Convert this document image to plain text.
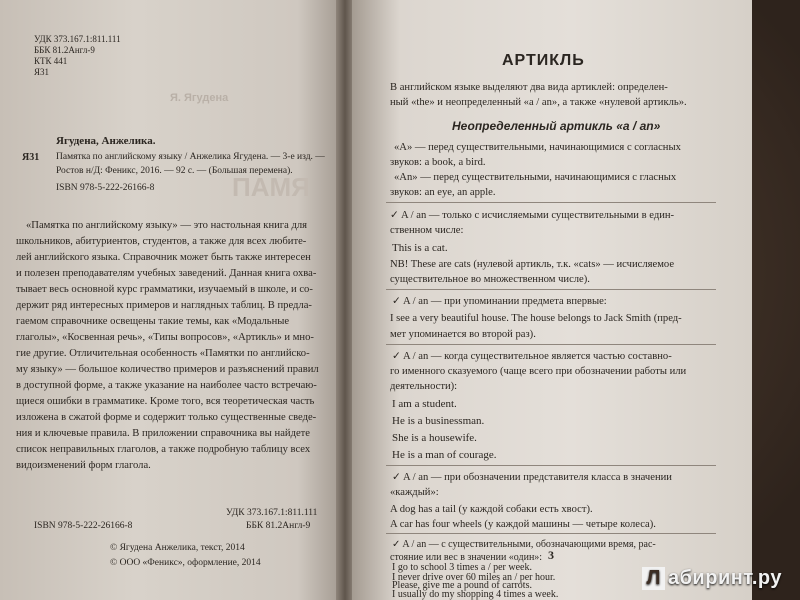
УДК 373.167.1:811.111
ББК 81.2Англ-9
КТК 441
Я31
Я. Ягудена
ПАМЯ
Я31
Ягудена, Анжелика.
Памятка по английскому языку / Анжелика Ягудена. — 3-е изд. —
Ростов н/Д: Феникс, 2016. — 92 с. — (Большая перемена).
ISBN 978-5-222-26166-8
«Памятка по английскому языку» — это настольная книга для
школьников, абитуриентов, студентов, а также для всех любите-
лей английского языка. Справочник может быть также интересен
и полезен преподавателям учебных заведений. Данная книга охва-
тывает весь основной курс грамматики, изучаемый в школе, и со-
держит ряд интересных примеров и наглядных таблиц. В предла-
гаемом справочнике освещены такие темы, как «Модальные
глаголы», «Косвенная речь», «Типы вопросов», «Артикль» и мно-
гие другие. Отличительная особенность «Памятки по английско-
му языку» — большое количество примеров и разъяснений правил
в доступной форме, а также указание на наиболее часто встречаю-
щиеся ошибки в грамматике. Кроме того, вся теоретическая часть
изложена в сжатой форме и содержит только существенные сведе-
ния и ключевые правила. В приложении справочника вы найдете
список неправильных глаголов, а также подробную таблицу всех
видоизменений форм глагола.
УДК 373.167.1:811.111
ISBN 978-5-222-26166-8	ББК 81.2Англ-9
© Ягудена Анжелика, текст, 2014
© ООО «Феникс», оформление, 2014
АРТИКЛЬ
В английском языке выделяют два вида артиклей: определен-
ный «the» и неопределенный «a / an», а также «нулевой артикль».
Неопределенный артикль «a / an»
«A» — перед существительными, начинающимися с согласных
звуков: a book, a bird.
«An» — перед существительными, начинающимися с гласных
звуков: an eye, an apple.
✓ A / an — только с исчисляемыми существительными в един-
ственном числе:
This is a cat.
NB! These are cats (нулевой артикль, т.к. «cats» — исчисляемое
существительное во множественном числе).
✓ A / an — при упоминании предмета впервые:
I see a very beautiful house. The house belongs to Jack Smith (пред-
мет упоминается во второй раз).
✓ A / an — когда существительное является частью составно-
го именного сказуемого (чаще всего при обозначении работы или
деятельности):
I am a student.
He is a businessman.
She is a housewife.
He is a man of courage.
✓ A / an — при обозначении представителя класса в значении
«каждый»:
A dog has a tail (у каждой собаки есть хвост).
A car has four wheels (у каждой машины — четыре колеса).
✓ A / an — с существительными, обозначающими время, рас-
стояние или вес в значении «один»:
I go to school 3 times a / per week.
I never drive over 60 miles an / per hour.
Please, give me a pound of carrots.
I usually do my shopping 4 times a week.
3
Л абиринт.ру
